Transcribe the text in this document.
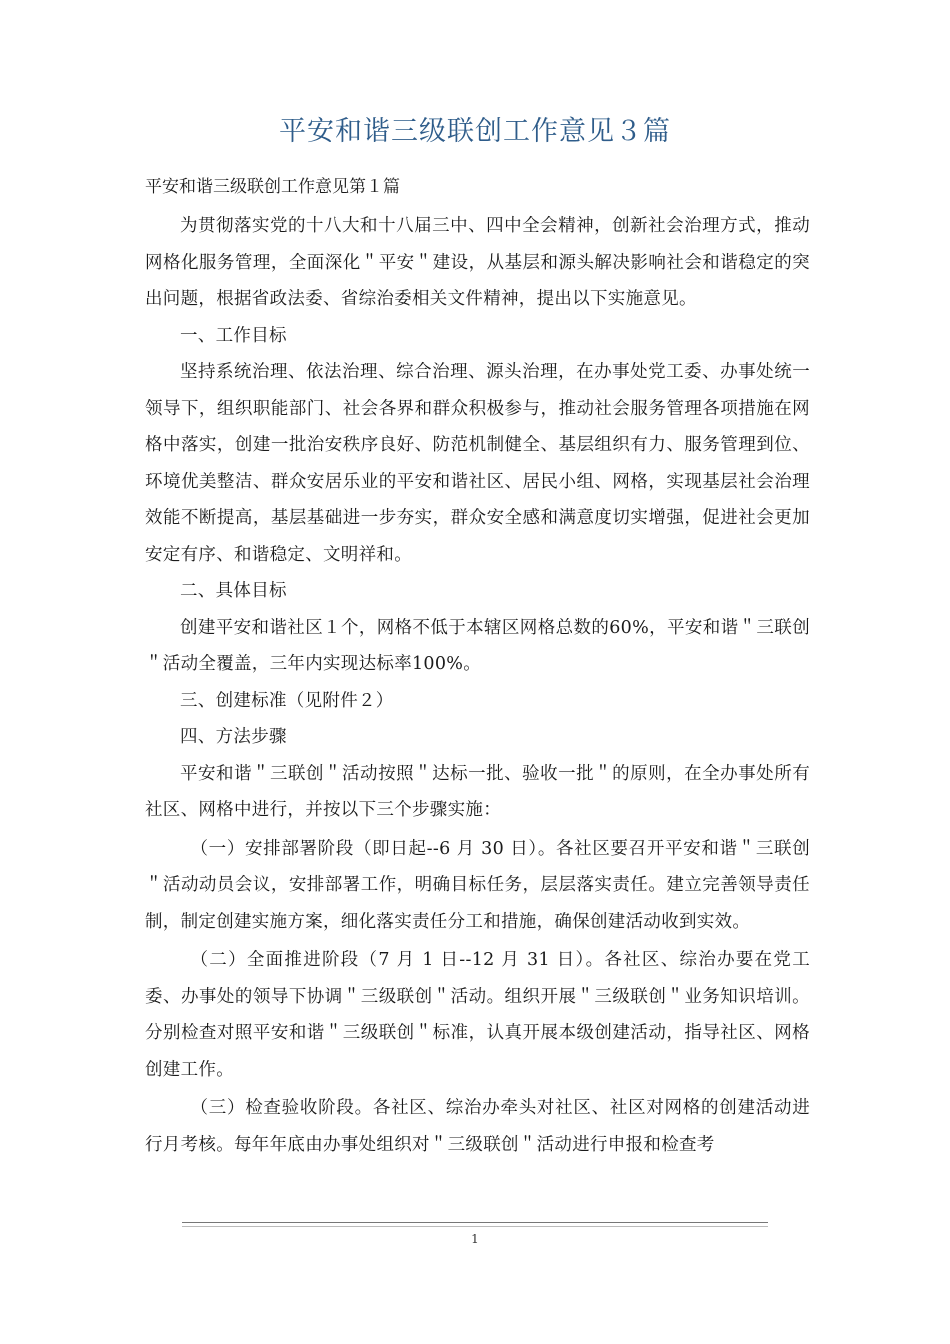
平安和谐三级联创工作意见３篇

平安和谐三级联创工作意见第１篇

为贯彻落实党的十八大和十八届三中、四中全会精神，创新社会治理方式，推动网格化服务管理，全面深化＂平安＂建设，从基层和源头解决影响社会和谐稳定的突出问题，根据省政法委、省综治委相关文件精神，提出以下实施意见。

一、工作目标

坚持系统治理、依法治理、综合治理、源头治理，在办事处党工委、办事处统一领导下，组织职能部门、社会各界和群众积极参与，推动社会服务管理各项措施在网格中落实，创建一批治安秩序良好、防范机制健全、基层组织有力、服务管理到位、环境优美整洁、群众安居乐业的平安和谐社区、居民小组、网格，实现基层社会治理效能不断提高，基层基础进一步夯实，群众安全感和满意度切实增强，促进社会更加安定有序、和谐稳定、文明祥和。

二、具体目标

创建平安和谐社区１个，网格不低于本辖区网格总数的60%，平安和谐＂三联创＂活动全覆盖，三年内实现达标率100%。

三、创建标准（见附件２）

四、方法步骤

平安和谐＂三联创＂活动按照＂达标一批、验收一批＂的原则，在全办事处所有社区、网格中进行，并按以下三个步骤实施：

（一）安排部署阶段（即日起--6 月 30 日）。各社区要召开平安和谐＂三联创＂活动动员会议，安排部署工作，明确目标任务，层层落实责任。建立完善领导责任制，制定创建实施方案，细化落实责任分工和措施，确保创建活动收到实效。

（二）全面推进阶段（7 月 1 日--12 月 31 日）。各社区、综治办要在党工委、办事处的领导下协调＂三级联创＂活动。组织开展＂三级联创＂业务知识培训。分别检查对照平安和谐＂三级联创＂标准，认真开展本级创建活动，指导社区、网格创建工作。

（三）检查验收阶段。各社区、综治办牵头对社区、社区对网格的创建活动进行月考核。每年年底由办事处组织对＂三级联创＂活动进行申报和检查考

1
